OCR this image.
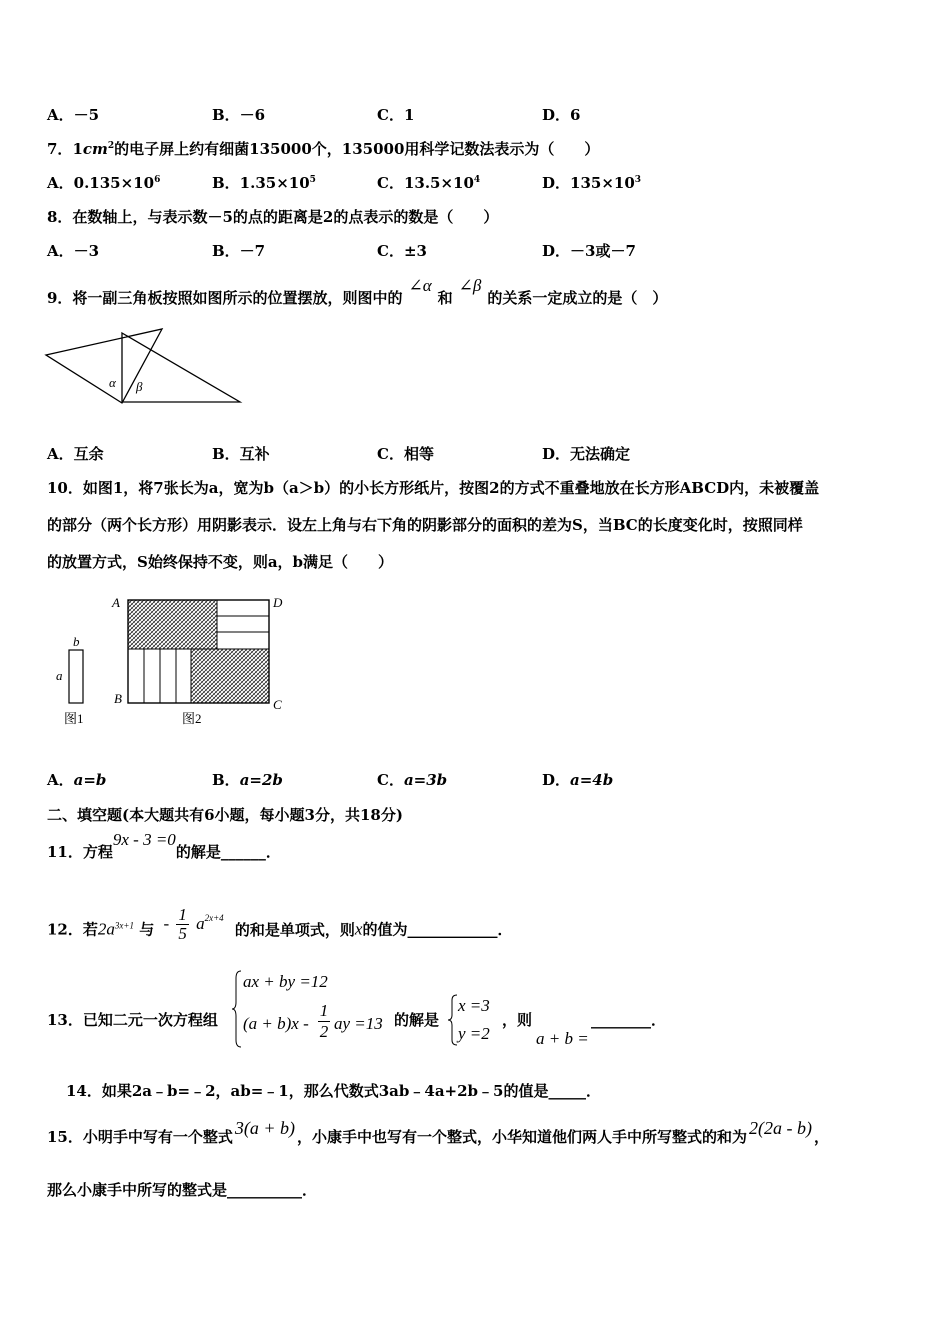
A．－5	B．－6	C．1	D．6
7．$1cm^2$的电子屏上约有细菌135000个，135000用科学记数法表示为（　　）
A．$0.135\times 10^6$	B．$1.35\times 10^5$	C．$13.5\times 10^4$	D．$135\times 10^3$
8．在数轴上，与表示数－5的点的距离是2的点表示的数是（　　）
A．－3	B．－7	C．±3	D．－3或－7
9．将一副三角板按照如图所示的位置摆放，则图中的∠α和∠β的关系一定成立的是（　）
α β
A．互余	B．互补	C．相等	D．无法确定
10．如图1，将7张长为a，宽为b（a＞b）的小长方形纸片，按图2的方式不重叠地放在长方形ABCD内，未被覆盖
的部分（两个长方形）用阴影表示．设左上角与右下角的阴影部分的面积的差为S，当BC的长度变化时，按照同样
的放置方式，S始终保持不变，则a，b满足（　　）
b
a
图1
A	D
B	C
图2
A．a=b	B．a=2b	C．a=3b	D．a=4b
二、填空题(本大题共有6小题，每小题3分，共18分)
11．方程9x - 3 =0的解是______．
12．若$2a^{3x+1}$ 与 - $\frac{1}{5} a^{2x+4}$ 的和是单项式，则x的值为____________．
13．已知二元一次方程组
ax + by =12
(a + b)x -
1
2 ay =13 的解是
x =3
y =2
，则
a + b =
________．
14．如果2a﹣b=﹣2，ab=﹣1，那么代数式3ab﹣4a+2b﹣5的值是_____．
15．小明手中写有一个整式 3(a + b) ，小康手中也写有一个整式，小华知道他们两人手中所写整式的和为 2(2a - b) ，
那么小康手中所写的整式是__________．
